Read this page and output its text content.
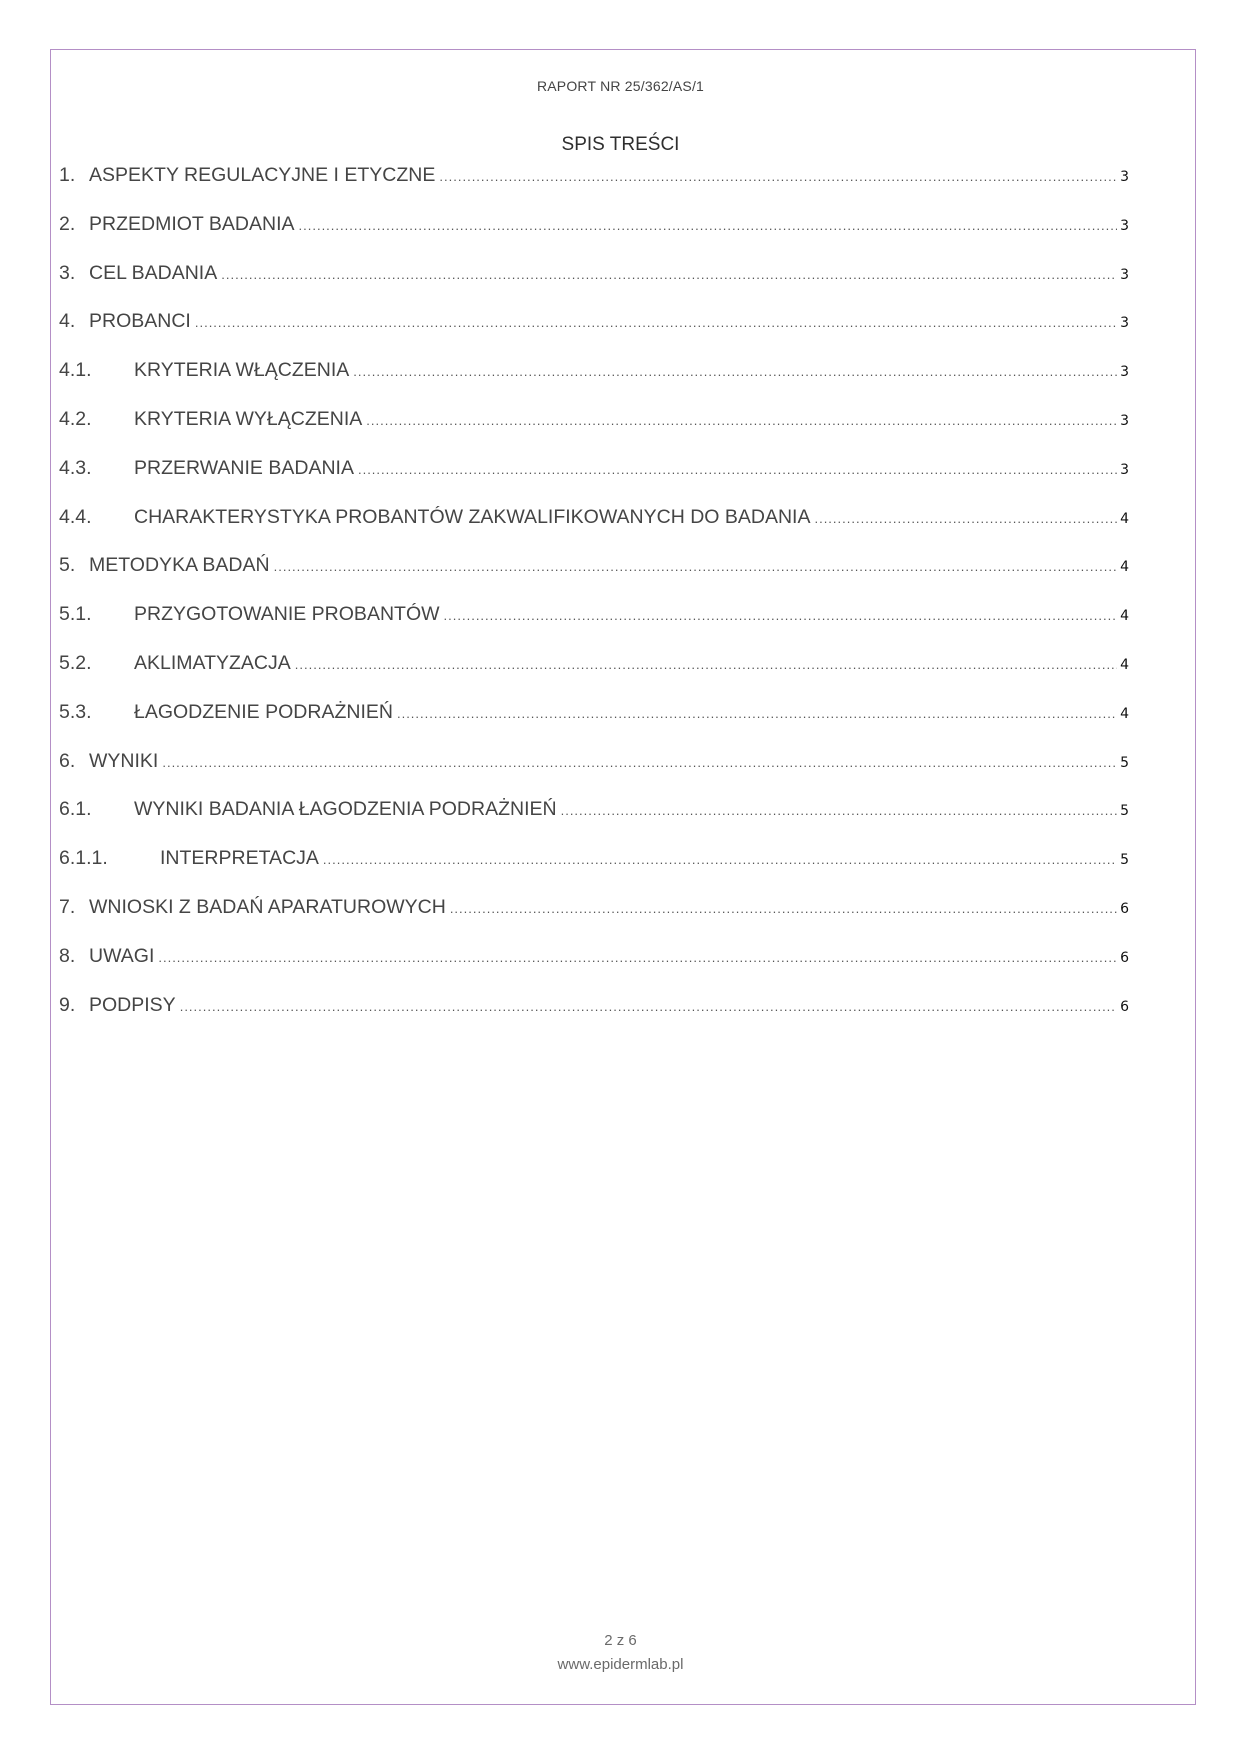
RAPORT NR 25/362/AS/1
SPIS TREŚCI
1. ASPEKTY REGULACYJNE I ETYCZNE .....	3
2. PRZEDMIOT BADANIA .....	3
3. CEL BADANIA .....	3
4. PROBANCI .....	3
4.1.	KRYTERIA WŁĄCZENIA .....	3
4.2.	KRYTERIA WYŁĄCZENIA .....	3
4.3.	PRZERWANIE BADANIA .....	3
4.4.	CHARAKTERYSTYKA PROBANTÓW ZAKWALIFIKOWANYCH DO BADANIA .....	4
5. METODYKA BADAŃ .....	4
5.1.	PRZYGOTOWANIE PROBANTÓW .....	4
5.2.	AKLIMATYZACJA .....	4
5.3.	ŁAGODZENIE PODRAŻNIEŃ .....	4
6. WYNIKI .....	5
6.1.	WYNIKI BADANIA ŁAGODZENIA PODRAŻNIEŃ .....	5
6.1.1.	INTERPRETACJA .....	5
7. WNIOSKI Z BADAŃ APARATUROWYCH .....	6
8. UWAGI .....	6
9. PODPISY .....	6
2 z 6
www.epidermlab.pl
